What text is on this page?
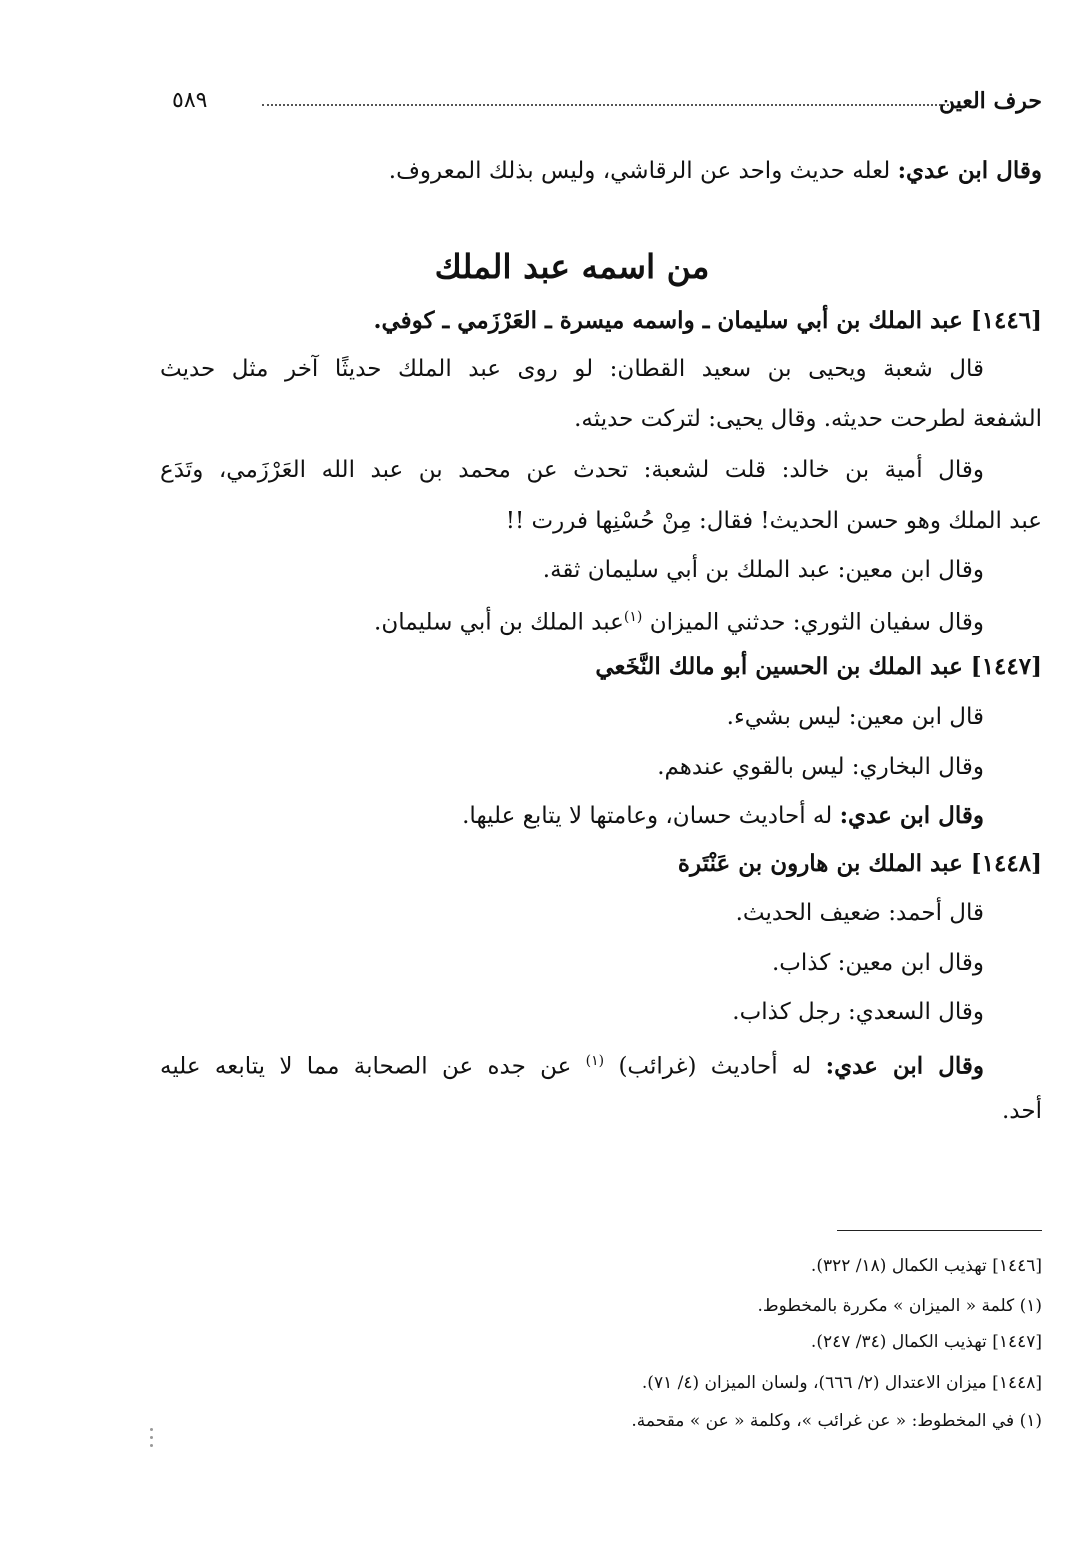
حرف العين
٥٨٩
وقال ابن عدي: لعله حديث واحد عن الرقاشي، وليس بذلك المعروف.
من اسمه عبد الملك
[١٤٤٦] عبد الملك بن أبي سليمان ـ واسمه ميسرة ـ العَرْزَمي ـ كوفي.
قال شعبة ويحيى بن سعيد القطان: لو روى عبد الملك حديثًا آخر مثل حديث
الشفعة لطرحت حديثه. وقال يحيى: لتركت حديثه.
وقال أمية بن خالد: قلت لشعبة: تحدث عن محمد بن عبد الله العَرْزَمي، وتَدَع
عبد الملك وهو حسن الحديث! فقال: مِنْ حُسْنِها فررت !!
وقال ابن معين: عبد الملك بن أبي سليمان ثقة.
وقال سفيان الثوري: حدثني الميزان $^{(١)}$عبد الملك بن أبي سليمان.
[١٤٤٧] عبد الملك بن الحسين أبو مالك النَّخَعي
قال ابن معين: ليس بشيء.
وقال البخاري: ليس بالقوي عندهم.
وقال ابن عدي: له أحاديث حسان، وعامتها لا يتابع عليها.
[١٤٤٨] عبد الملك بن هارون بن عَنْتَرة
قال أحمد: ضعيف الحديث.
وقال ابن معين: كذاب.
وقال السعدي: رجل كذاب.
وقال ابن عدي: له أحاديث (غرائب) $^{(١)}$ عن جده عن الصحابة مما لا يتابعه عليه
أحد.
[١٤٤٦] تهذيب الكمال (١٨/ ٣٢٢).
(١) كلمة « الميزان » مكررة بالمخطوط.
[١٤٤٧] تهذيب الكمال (٣٤/ ٢٤٧).
[١٤٤٨] ميزان الاعتدال (٢/ ٦٦٦)، ولسان الميزان (٤/ ٧١).
(١) في المخطوط: « عن غرائب »، وكلمة « عن » مقحمة.
